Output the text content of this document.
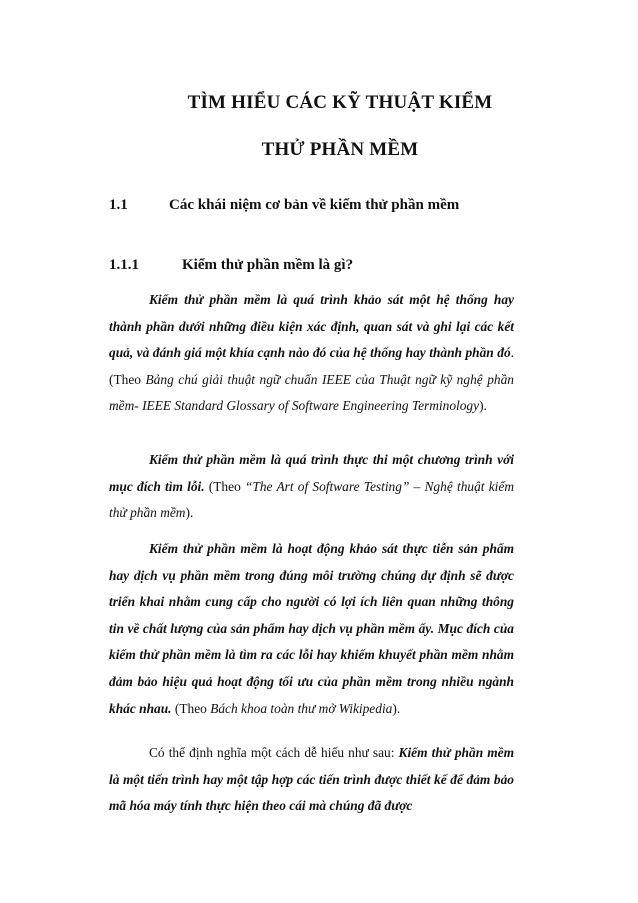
TÌM HIỂU CÁC KỸ THUẬT KIỂM
THỬ PHẦN MỀM
1.1	Các khái niệm cơ bản về kiểm thử phần mềm
1.1.1	Kiểm thử phần mềm là gì?

Kiểm thử phần mềm là quá trình khảo sát một hệ thống hay thành phần dưới những điều kiện xác định, quan sát và ghi lại các kết quả, và đánh giá một khía cạnh nào đó của hệ thống hay thành phần đó. (Theo Bảng chú giải thuật ngữ chuẩn IEEE của Thuật ngữ kỹ nghệ phần mềm- IEEE Standard Glossary of Software Engineering Terminology).

Kiểm thử phần mềm là quá trình thực thi một chương trình với mục đích tìm lỗi. (Theo “The Art of Software Testing” – Nghệ thuật kiểm thử phần mềm).

Kiểm thử phần mềm là hoạt động khảo sát thực tiễn sản phẩm hay dịch vụ phần mềm trong đúng môi trường chúng dự định sẽ được triển khai nhằm cung cấp cho người có lợi ích liên quan những thông tin về chất lượng của sản phẩm hay dịch vụ phần mềm ấy. Mục đích của kiểm thử phần mềm là tìm ra các lỗi hay khiếm khuyết phần mềm nhằm đảm bảo hiệu quả hoạt động tối ưu của phần mềm trong nhiều ngành khác nhau. (Theo Bách khoa toàn thư mở Wikipedia).

Có thể định nghĩa một cách dễ hiểu như sau: Kiểm thử phần mềm là một tiến trình hay một tập hợp các tiến trình được thiết kế để đảm bảo mã hóa máy tính thực hiện theo cái mà chúng đã được
